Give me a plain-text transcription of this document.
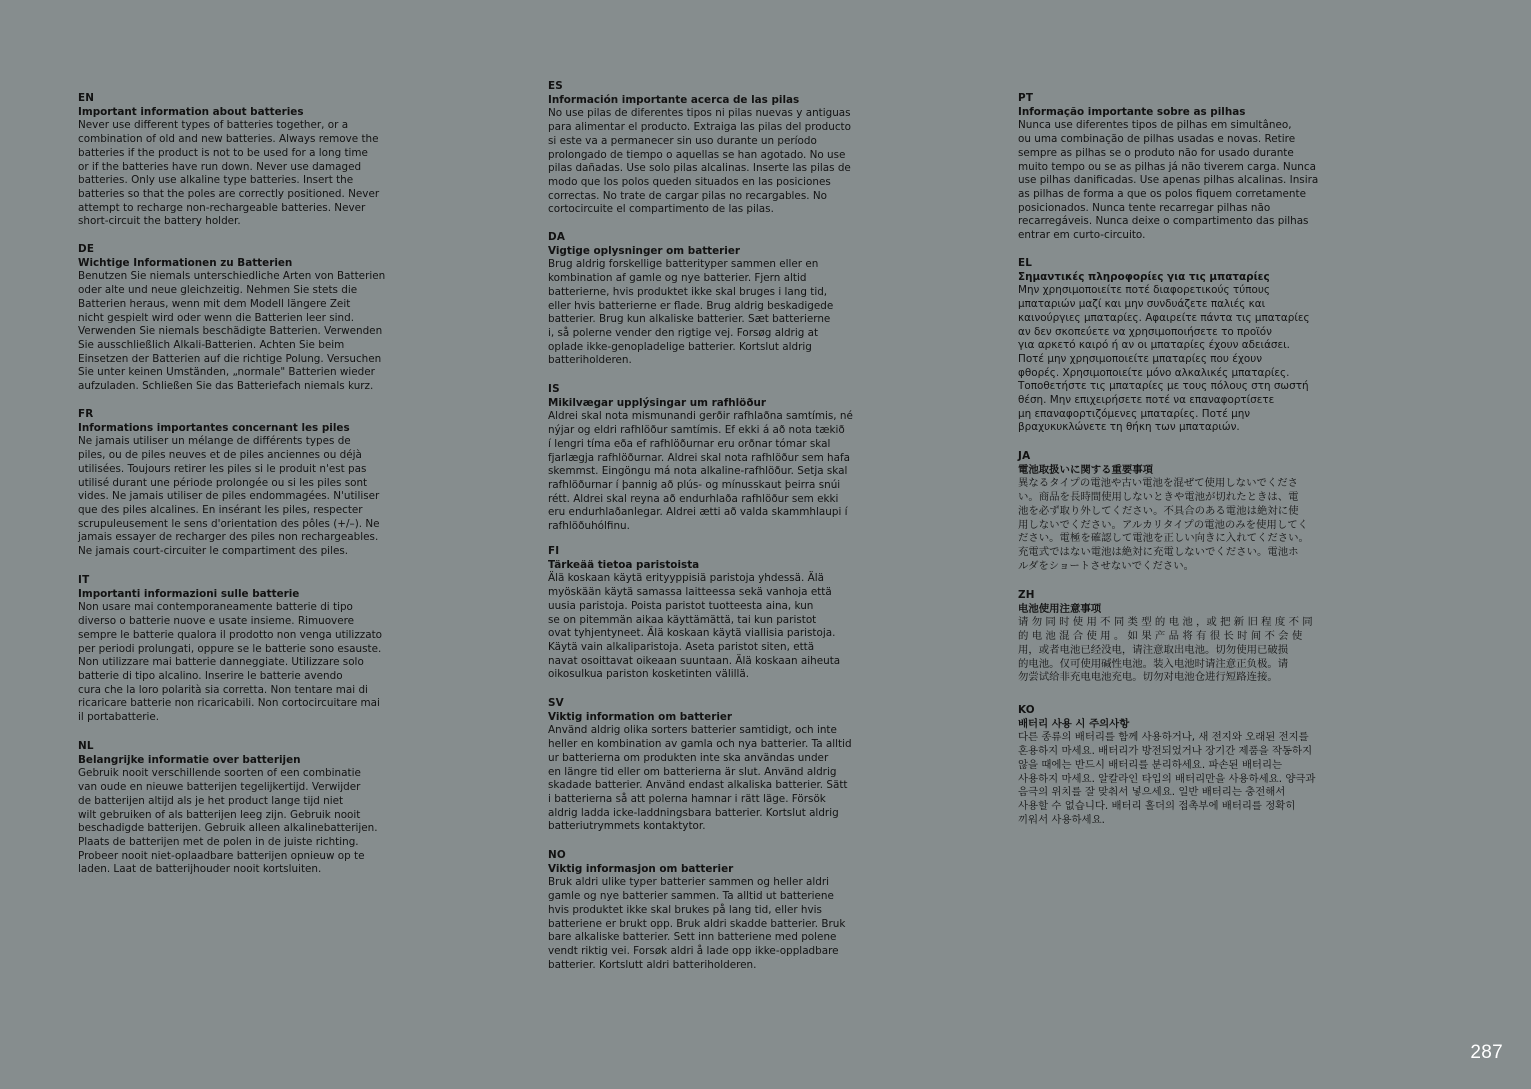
EN

Important information about batteries

Never use different types of batteries together, or a

combination of old and new batteries. Always remove the

batteries if the product is not to be used for a long time

or if the batteries have run down. Never use damaged

batteries. Only use alkaline type batteries. Insert the

batteries so that the poles are correctly positioned. Never

attempt to recharge non-rechargeable batteries. Never

short-circuit the battery holder.

DE

Wichtige Informationen zu Batterien

Benutzen Sie niemals unterschiedliche Arten von Batterien

oder alte und neue gleichzeitig. Nehmen Sie stets die

Batterien heraus, wenn mit dem Modell längere Zeit

nicht gespielt wird oder wenn die Batterien leer sind.

Verwenden Sie niemals beschädigte Batterien. Verwenden

Sie ausschließlich Alkali-Batterien. Achten Sie beim

Einsetzen der Batterien auf die richtige Polung. Versuchen

Sie unter keinen Umständen, „normale" Batterien wieder

aufzuladen. Schließen Sie das Batteriefach niemals kurz.

FR

Informations importantes concernant les piles

Ne jamais utiliser un mélange de différents types de

piles, ou de piles neuves et de piles anciennes ou déjà

utilisées. Toujours retirer les piles si le produit n'est pas

utilisé durant une période prolongée ou si les piles sont

vides. Ne jamais utiliser de piles endommagées. N'utiliser

que des piles alcalines. En insérant les piles, respecter

scrupuleusement le sens d'orientation des pôles (+/–). Ne

jamais essayer de recharger des piles non rechargeables.

Ne jamais court-circuiter le compartiment des piles.

IT

Importanti informazioni sulle batterie

Non usare mai contemporaneamente batterie di tipo

diverso o batterie nuove e usate insieme. Rimuovere

sempre le batterie qualora il prodotto non venga utilizzato

per periodi prolungati, oppure se le batterie sono esauste.

Non utilizzare mai batterie danneggiate. Utilizzare solo

batterie di tipo alcalino. Inserire le batterie avendo

cura che la loro polarità sia corretta. Non tentare mai di

ricaricare batterie non ricaricabili. Non cortocircuitare mai

il portabatterie.

NL

Belangrijke informatie over batterijen

Gebruik nooit verschillende soorten of een combinatie

van oude en nieuwe batterijen tegelijkertijd. Verwijder

de batterijen altijd als je het product lange tijd niet

wilt gebruiken of als batterijen leeg zijn. Gebruik nooit

beschadigde batterijen. Gebruik alleen alkalinebatterijen.

Plaats de batterijen met de polen in de juiste richting.

Probeer nooit niet-oplaadbare batterijen opnieuw op te

laden. Laat de batterijhouder nooit kortsluiten.

ES

Información importante acerca de las pilas

No use pilas de diferentes tipos ni pilas nuevas y antiguas

para alimentar el producto. Extraiga las pilas del producto

si este va a permanecer sin uso durante un período

prolongado de tiempo o aquellas se han agotado. No use

pilas dañadas. Use solo pilas alcalinas. Inserte las pilas de

modo que los polos queden situados en las posiciones

correctas. No trate de cargar pilas no recargables. No

cortocircuite el compartimento de las pilas.

DA

Vigtige oplysninger om batterier

Brug aldrig forskellige batterityper sammen eller en

kombination af gamle og nye batterier. Fjern altid

batterierne, hvis produktet ikke skal bruges i lang tid,

eller hvis batterierne er flade. Brug aldrig beskadigede

batterier. Brug kun alkaliske batterier. Sæt batterierne

i, så polerne vender den rigtige vej. Forsøg aldrig at

oplade ikke-genopladelige batterier. Kortslut aldrig

batteriholderen.

IS

Mikilvægar upplýsingar um rafhlöður

Aldrei skal nota mismunandi gerðir rafhlaðna samtímis, né

nýjar og eldri rafhlöður samtímis. Ef ekki á að nota tækið

í lengri tíma eða ef rafhlöðurnar eru orðnar tómar skal

fjarlægja rafhlöðurnar. Aldrei skal nota rafhlöður sem hafa

skemmst. Eingöngu má nota alkaline-rafhlöður. Setja skal

rafhlöðurnar í þannig að plús- og mínusskaut þeirra snúi

rétt. Aldrei skal reyna að endurhlaða rafhlöður sem ekki

eru endurhlaðanlegar. Aldrei ætti að valda skammhlaupi í

rafhlöðuhólfinu.

FI

Tärkeää tietoa paristoista

Älä koskaan käytä erityyppisiä paristoja yhdessä. Älä

myöskään käytä samassa laitteessa sekä vanhoja että

uusia paristoja. Poista paristot tuotteesta aina, kun

se on pitemmän aikaa käyttämättä, tai kun paristot

ovat tyhjentyneet. Älä koskaan käytä viallisia paristoja.

Käytä vain alkaliparistoja. Aseta paristot siten, että

navat osoittavat oikeaan suuntaan. Älä koskaan aiheuta

oikosulkua pariston kosketinten välillä.

SV

Viktig information om batterier

Använd aldrig olika sorters batterier samtidigt, och inte

heller en kombination av gamla och nya batterier. Ta alltid

ur batterierna om produkten inte ska användas under

en längre tid eller om batterierna är slut. Använd aldrig

skadade batterier. Använd endast alkaliska batterier. Sätt

i batterierna så att polerna hamnar i rätt läge. Försök

aldrig ladda icke-laddningsbara batterier. Kortslut aldrig

batteriutrymmets kontaktytor.

NO

Viktig informasjon om batterier

Bruk aldri ulike typer batterier sammen og heller aldri

gamle og nye batterier sammen. Ta alltid ut batteriene

hvis produktet ikke skal brukes på lang tid, eller hvis

batteriene er brukt opp. Bruk aldri skadde batterier. Bruk

bare alkaliske batterier. Sett inn batteriene med polene

vendt riktig vei. Forsøk aldri å lade opp ikke-oppladbare

batterier. Kortslutt aldri batteriholderen.

PT

Informação importante sobre as pilhas

Nunca use diferentes tipos de pilhas em simultâneo,

ou uma combinação de pilhas usadas e novas. Retire

sempre as pilhas se o produto não for usado durante

muito tempo ou se as pilhas já não tiverem carga. Nunca

use pilhas danificadas. Use apenas pilhas alcalinas. Insira

as pilhas de forma a que os polos fiquem corretamente

posicionados. Nunca tente recarregar pilhas não

recarregáveis. Nunca deixe o compartimento das pilhas

entrar em curto-circuito.

EL

Σημαντικές πληροφορίες για τις μπαταρίες

Μην χρησιμοποιείτε ποτέ διαφορετικούς τύπους

μπαταριών μαζί και μην συνδυάζετε παλιές και

καινούργιες μπαταρίες. Αφαιρείτε πάντα τις μπαταρίες

αν δεν σκοπεύετε να χρησιμοποιήσετε το προϊόν

για αρκετό καιρό ή αν οι μπαταρίες έχουν αδειάσει.

Ποτέ μην χρησιμοποιείτε μπαταρίες που έχουν

φθορές. Χρησιμοποιείτε μόνο αλκαλικές μπαταρίες.

Τοποθετήστε τις μπαταρίες με τους πόλους στη σωστή

θέση. Μην επιχειρήσετε ποτέ να επαναφορτίσετε

μη επαναφορτιζόμενες μπαταρίες. Ποτέ μην

βραχυκυκλώνετε τη θήκη των μπαταριών.

JA

電池取扱いに関する重要事項

異なるタイプの電池や古い電池を混ぜて使用しないでくださ

い。商品を長時間使用しないときや電池が切れたときは、電

池を必ず取り外してください。不具合のある電池は絶対に使

用しないでください。アルカリタイプの電池のみを使用してく

ださい。電極を確認して電池を正しい向きに入れてください。

充電式ではない電池は絶対に充電しないでください。電池ホ

ルダをショートさせないでください。

ZH

电池使用注意事项

请 勿 同 时 使 用 不 同 类 型 的 电 池 ，或 把 新 旧 程 度 不 同

的 电 池 混 合 使 用 。 如 果 产 品 将 有 很 长 时 间 不 会 使

用，或者电池已经没电，请注意取出电池。切勿使用已破损

的电池。仅可使用碱性电池。装入电池时请注意正负极。请

勿尝试给非充电电池充电。切勿对电池仓进行短路连接。

KO

배터리 사용 시 주의사항

다른 종류의 배터리를 함께 사용하거나, 새 전지와 오래된 전지를

혼용하지 마세요. 배터리가 방전되었거나 장기간 제품을 작동하지

않을 때에는 반드시 배터리를 분리하세요. 파손된 배터리는

사용하지 마세요. 알칼라인 타입의 배터리만을 사용하세요. 양극과

음극의 위치를 잘 맞춰서 넣으세요. 일반 배터리는 충전해서

사용할 수 없습니다. 배터리 홀더의 접촉부에 배터리를 정확히

끼워서 사용하세요.

287
